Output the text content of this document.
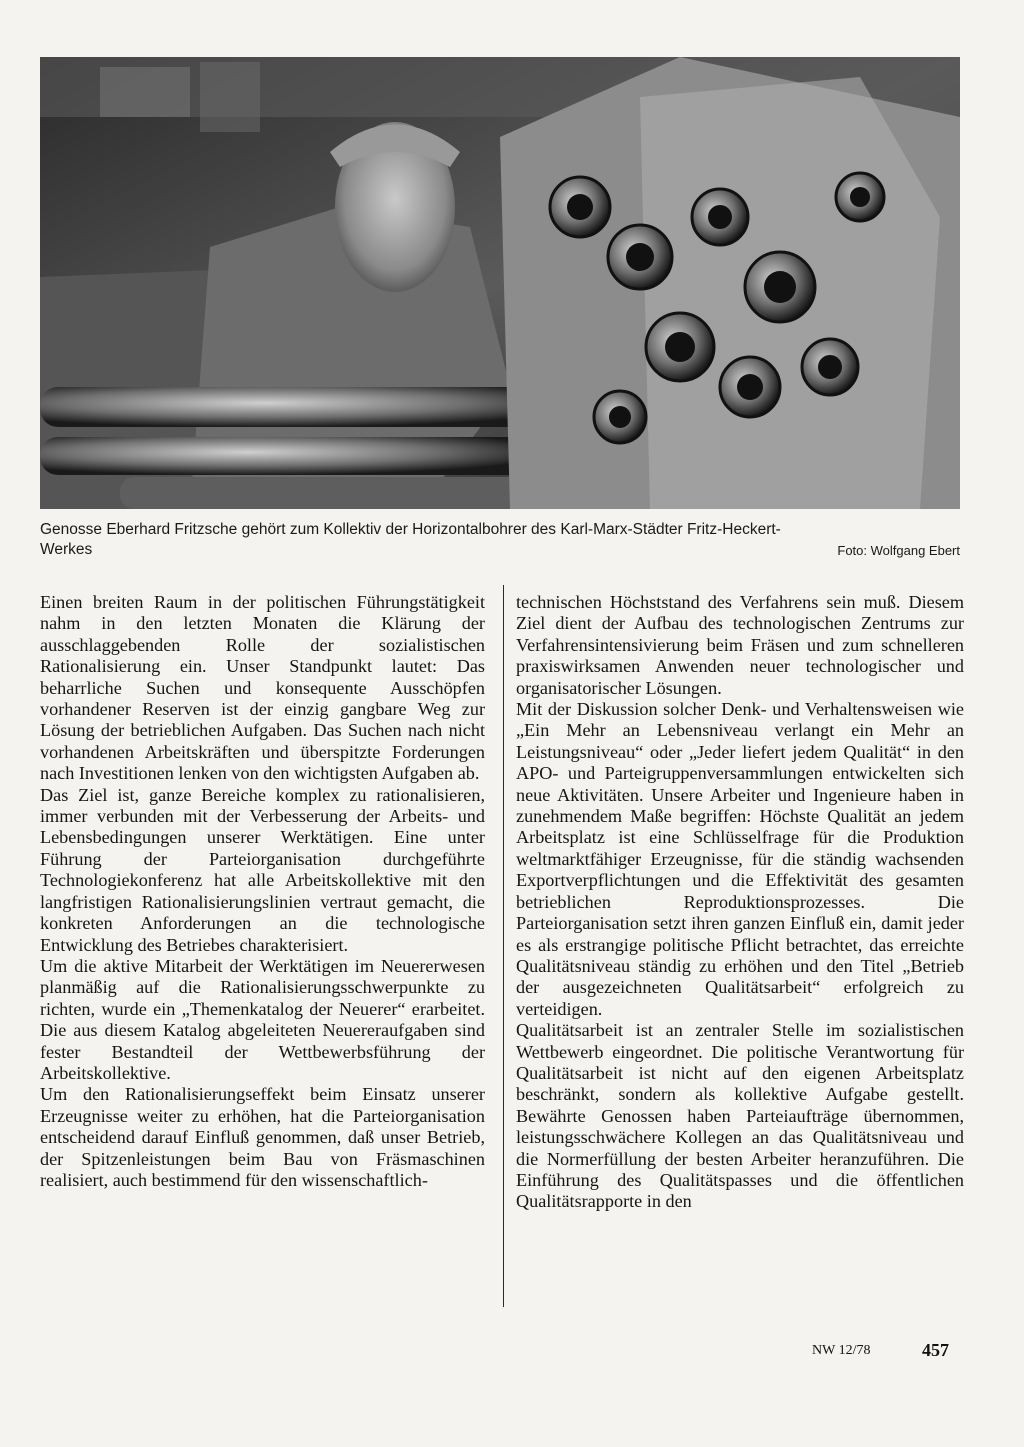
Genosse Eberhard Fritzsche gehört zum Kollektiv der Horizontalbohrer des Karl-Marx-Städter Fritz-Heckert-Werkes	Foto: Wolfgang Ebert

Einen breiten Raum in der politischen Führungstätigkeit nahm in den letzten Monaten die Klärung der ausschlaggebenden Rolle der sozialistischen Rationalisierung ein. Unser Standpunkt lautet: Das beharrliche Suchen und konsequente Ausschöpfen vorhandener Reserven ist der einzig gangbare Weg zur Lösung der betrieblichen Aufgaben. Das Suchen nach nicht vorhandenen Arbeitskräften und überspitzte Forderungen nach Investitionen lenken von den wichtigsten Aufgaben ab.

Das Ziel ist, ganze Bereiche komplex zu rationalisieren, immer verbunden mit der Verbesserung der Arbeits- und Lebensbedingungen unserer Werktätigen. Eine unter Führung der Parteiorganisation durchgeführte Technologiekonferenz hat alle Arbeitskollektive mit den langfristigen Rationalisierungslinien vertraut gemacht, die konkreten Anforderungen an die technologische Entwicklung des Betriebes charakterisiert.

Um die aktive Mitarbeit der Werktätigen im Neuererwesen planmäßig auf die Rationalisierungsschwerpunkte zu richten, wurde ein „Themenkatalog der Neuerer“ erarbeitet. Die aus diesem Katalog abgeleiteten Neuereraufgaben sind fester Bestandteil der Wettbewerbsführung der Arbeitskollektive.

Um den Rationalisierungseffekt beim Einsatz unserer Erzeugnisse weiter zu erhöhen, hat die Parteiorganisation entscheidend darauf Einfluß genommen, daß unser Betrieb, der Spitzenleistungen beim Bau von Fräsmaschinen realisiert, auch bestimmend für den wissenschaftlich-

technischen Höchststand des Verfahrens sein muß. Diesem Ziel dient der Aufbau des technologischen Zentrums zur Verfahrensintensivierung beim Fräsen und zum schnelleren praxiswirksamen Anwenden neuer technologischer und organisatorischer Lösungen.

Mit der Diskussion solcher Denk- und Verhaltensweisen wie „Ein Mehr an Lebensniveau verlangt ein Mehr an Leistungsniveau“ oder „Jeder liefert jedem Qualität“ in den APO- und Parteigruppenversammlungen entwickelten sich neue Aktivitäten. Unsere Arbeiter und Ingenieure haben in zunehmendem Maße begriffen: Höchste Qualität an jedem Arbeitsplatz ist eine Schlüsselfrage für die Produktion weltmarktfähiger Erzeugnisse, für die ständig wachsenden Exportverpflichtungen und die Effektivität des gesamten betrieblichen Reproduktionsprozesses. Die Parteiorganisation setzt ihren ganzen Einfluß ein, damit jeder es als erstrangige politische Pflicht betrachtet, das erreichte Qualitätsniveau ständig zu erhöhen und den Titel „Betrieb der ausgezeichneten Qualitätsarbeit“ erfolgreich zu verteidigen.

Qualitätsarbeit ist an zentraler Stelle im sozialistischen Wettbewerb eingeordnet. Die politische Verantwortung für Qualitätsarbeit ist nicht auf den eigenen Arbeitsplatz beschränkt, sondern als kollektive Aufgabe gestellt. Bewährte Genossen haben Parteiaufträge übernommen, leistungsschwächere Kollegen an das Qualitätsniveau und die Normerfüllung der besten Arbeiter heranzuführen. Die Einführung des Qualitätspasses und die öffentlichen Qualitätsrapporte in den

NW 12/78	457
